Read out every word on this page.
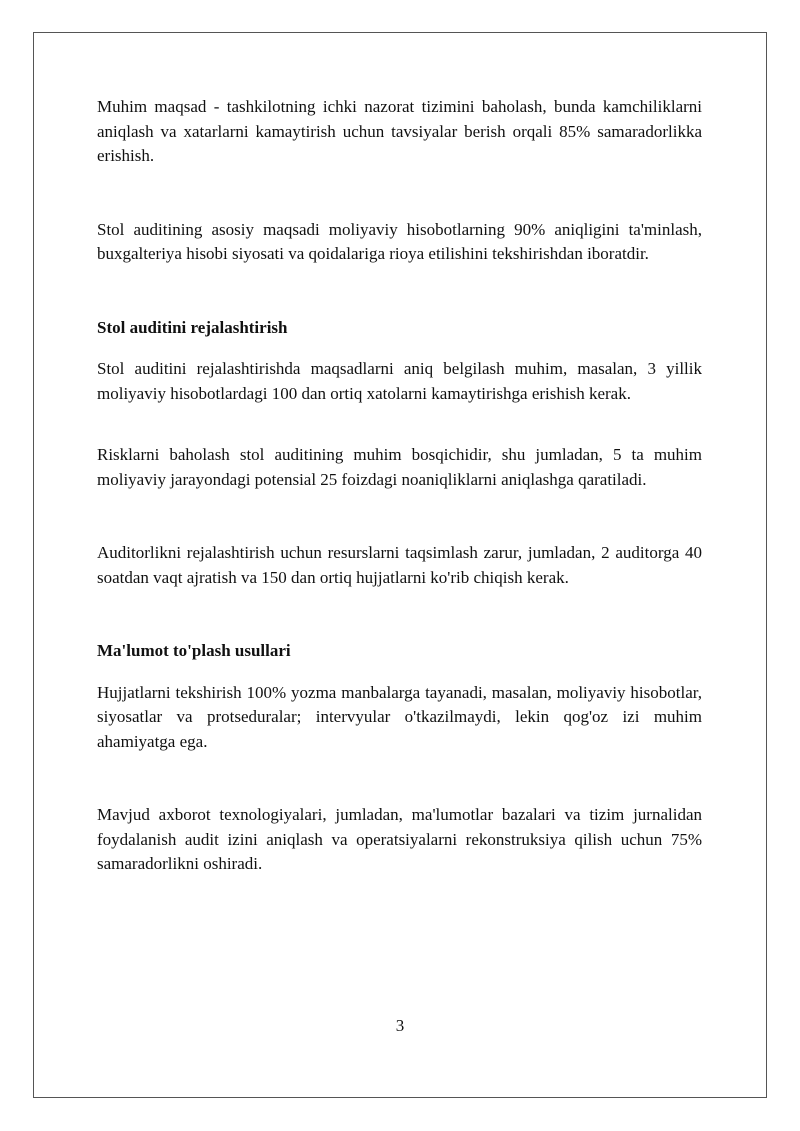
Muhim maqsad - tashkilotning ichki nazorat tizimini baholash, bunda kamchiliklarni aniqlash va xatarlarni kamaytirish uchun tavsiyalar berish orqali 85% samaradorlikka erishish.

Stol auditining asosiy maqsadi moliyaviy hisobotlarning 90% aniqligini ta'minlash, buxgalteriya hisobi siyosati va qoidalariga rioya etilishini tekshirishdan iboratdir.

Stol auditini rejalashtirish

Stol auditini rejalashtirishda maqsadlarni aniq belgilash muhim, masalan, 3 yillik moliyaviy hisobotlardagi 100 dan ortiq xatolarni kamaytirishga erishish kerak.

Risklarni baholash stol auditining muhim bosqichidir, shu jumladan, 5 ta muhim moliyaviy jarayondagi potensial 25 foizdagi noaniqliklarni aniqlashga qaratiladi.

Auditorlikni rejalashtirish uchun resurslarni taqsimlash zarur, jumladan, 2 auditorga 40 soatdan vaqt ajratish va 150 dan ortiq hujjatlarni ko'rib chiqish kerak.

Ma'lumot to'plash usullari

Hujjatlarni tekshirish 100% yozma manbalarga tayanadi, masalan, moliyaviy hisobotlar, siyosatlar va protseduralar; intervyular o'tkazilmaydi, lekin qog'oz izi muhim ahamiyatga ega.

Mavjud axborot texnologiyalari, jumladan, ma'lumotlar bazalari va tizim jurnalidan foydalanish audit izini aniqlash va operatsiyalarni rekonstruksiya qilish uchun 75% samaradorlikni oshiradi.

3
